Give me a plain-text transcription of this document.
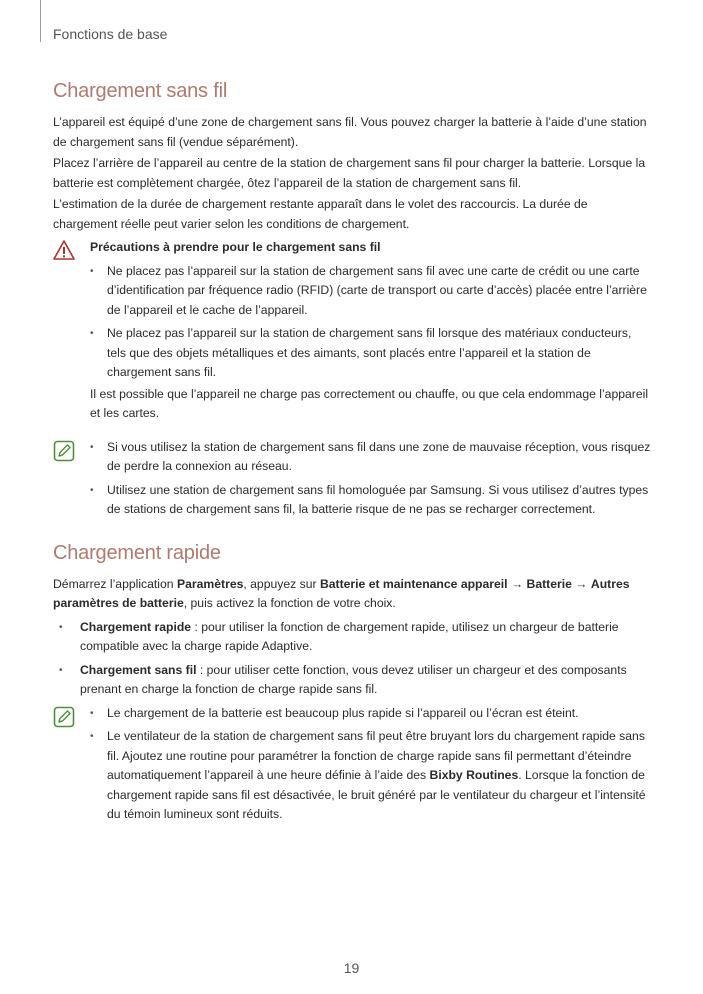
Fonctions de base
Chargement sans fil

L’appareil est équipé d’une zone de chargement sans fil. Vous pouvez charger la batterie à l’aide d’une station de chargement sans fil (vendue séparément).

Placez l’arrière de l’appareil au centre de la station de chargement sans fil pour charger la batterie. Lorsque la batterie est complètement chargée, ôtez l’appareil de la station de chargement sans fil.

L’estimation de la durée de chargement restante apparaît dans le volet des raccourcis. La durée de chargement réelle peut varier selon les conditions de chargement.

Précautions à prendre pour le chargement sans fil
• Ne placez pas l’appareil sur la station de chargement sans fil avec une carte de crédit ou une carte d’identification par fréquence radio (RFID) (carte de transport ou carte d’accès) placée entre l’arrière de l’appareil et le cache de l’appareil.
• Ne placez pas l’appareil sur la station de chargement sans fil lorsque des matériaux conducteurs, tels que des objets métalliques et des aimants, sont placés entre l’appareil et la station de chargement sans fil.
Il est possible que l’appareil ne charge pas correctement ou chauffe, ou que cela endommage l’appareil et les cartes.
• Si vous utilisez la station de chargement sans fil dans une zone de mauvaise réception, vous risquez de perdre la connexion au réseau.
• Utilisez une station de chargement sans fil homologuée par Samsung. Si vous utilisez d’autres types de stations de chargement sans fil, la batterie risque de ne pas se recharger correctement.
Chargement rapide

Démarrez l’application Paramètres, appuyez sur Batterie et maintenance appareil → Batterie → Autres paramètres de batterie, puis activez la fonction de votre choix.

• Chargement rapide : pour utiliser la fonction de chargement rapide, utilisez un chargeur de batterie compatible avec la charge rapide Adaptive.
• Chargement sans fil : pour utiliser cette fonction, vous devez utiliser un chargeur et des composants prenant en charge la fonction de charge rapide sans fil.
• Le chargement de la batterie est beaucoup plus rapide si l’appareil ou l’écran est éteint.
• Le ventilateur de la station de chargement sans fil peut être bruyant lors du chargement rapide sans fil. Ajoutez une routine pour paramétrer la fonction de charge rapide sans fil permettant d’éteindre automatiquement l’appareil à une heure définie à l’aide des Bixby Routines. Lorsque la fonction de chargement rapide sans fil est désactivée, le bruit généré par le ventilateur du chargeur et l’intensité du témoin lumineux sont réduits.
19
